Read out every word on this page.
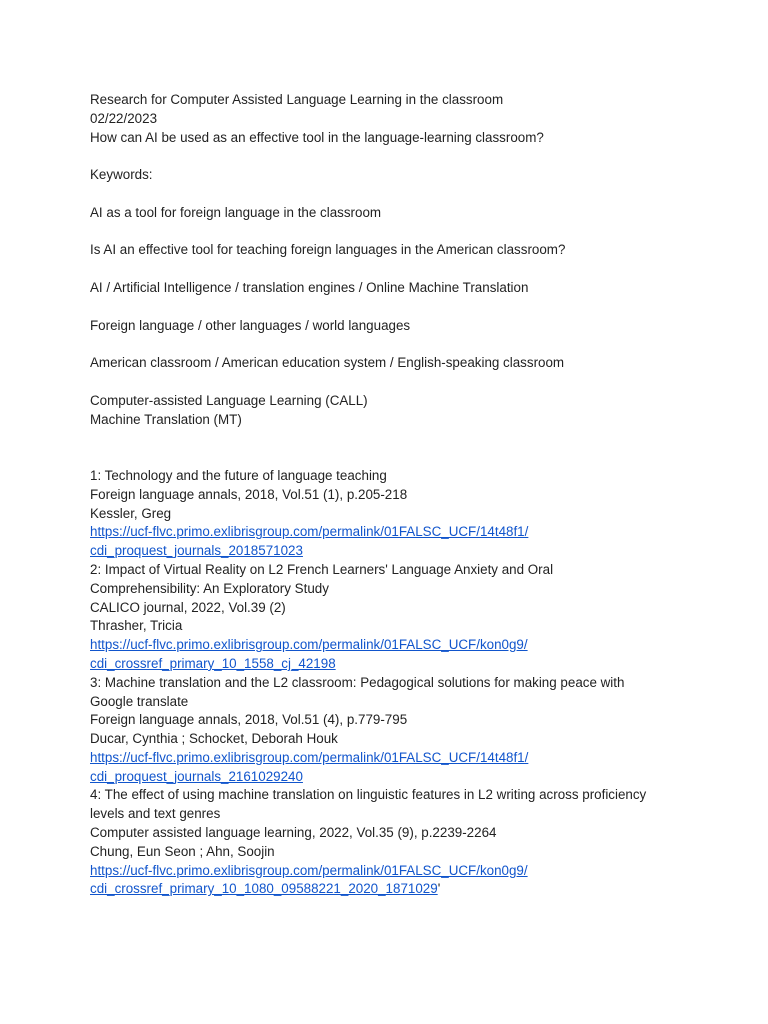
Research for Computer Assisted Language Learning in the classroom
02/22/2023
How can AI be used as an effective tool in the language-learning classroom?
Keywords:
AI as a tool for foreign language in the classroom
Is AI an effective tool for teaching foreign languages in the American classroom?
AI / Artificial Intelligence / translation engines / Online Machine Translation
Foreign language / other languages / world languages
American classroom / American education system / English-speaking classroom
Computer-assisted Language Learning (CALL)
Machine Translation (MT)
1: Technology and the future of language teaching
Foreign language annals, 2018, Vol.51 (1), p.205-218
Kessler, Greg
https://ucf-flvc.primo.exlibrisgroup.com/permalink/01FALSC_UCF/14t48f1/
cdi_proquest_journals_2018571023
2: Impact of Virtual Reality on L2 French Learners' Language Anxiety and Oral
Comprehensibility: An Exploratory Study
CALICO journal, 2022, Vol.39 (2)
Thrasher, Tricia
https://ucf-flvc.primo.exlibrisgroup.com/permalink/01FALSC_UCF/kon0g9/
cdi_crossref_primary_10_1558_cj_42198
3: Machine translation and the L2 classroom: Pedagogical solutions for making peace with
Google translate
Foreign language annals, 2018, Vol.51 (4), p.779-795
Ducar, Cynthia ; Schocket, Deborah Houk
https://ucf-flvc.primo.exlibrisgroup.com/permalink/01FALSC_UCF/14t48f1/
cdi_proquest_journals_2161029240
4: The effect of using machine translation on linguistic features in L2 writing across proficiency
levels and text genres
Computer assisted language learning, 2022, Vol.35 (9), p.2239-2264
Chung, Eun Seon ; Ahn, Soojin
https://ucf-flvc.primo.exlibrisgroup.com/permalink/01FALSC_UCF/kon0g9/
cdi_crossref_primary_10_1080_09588221_2020_1871029'
